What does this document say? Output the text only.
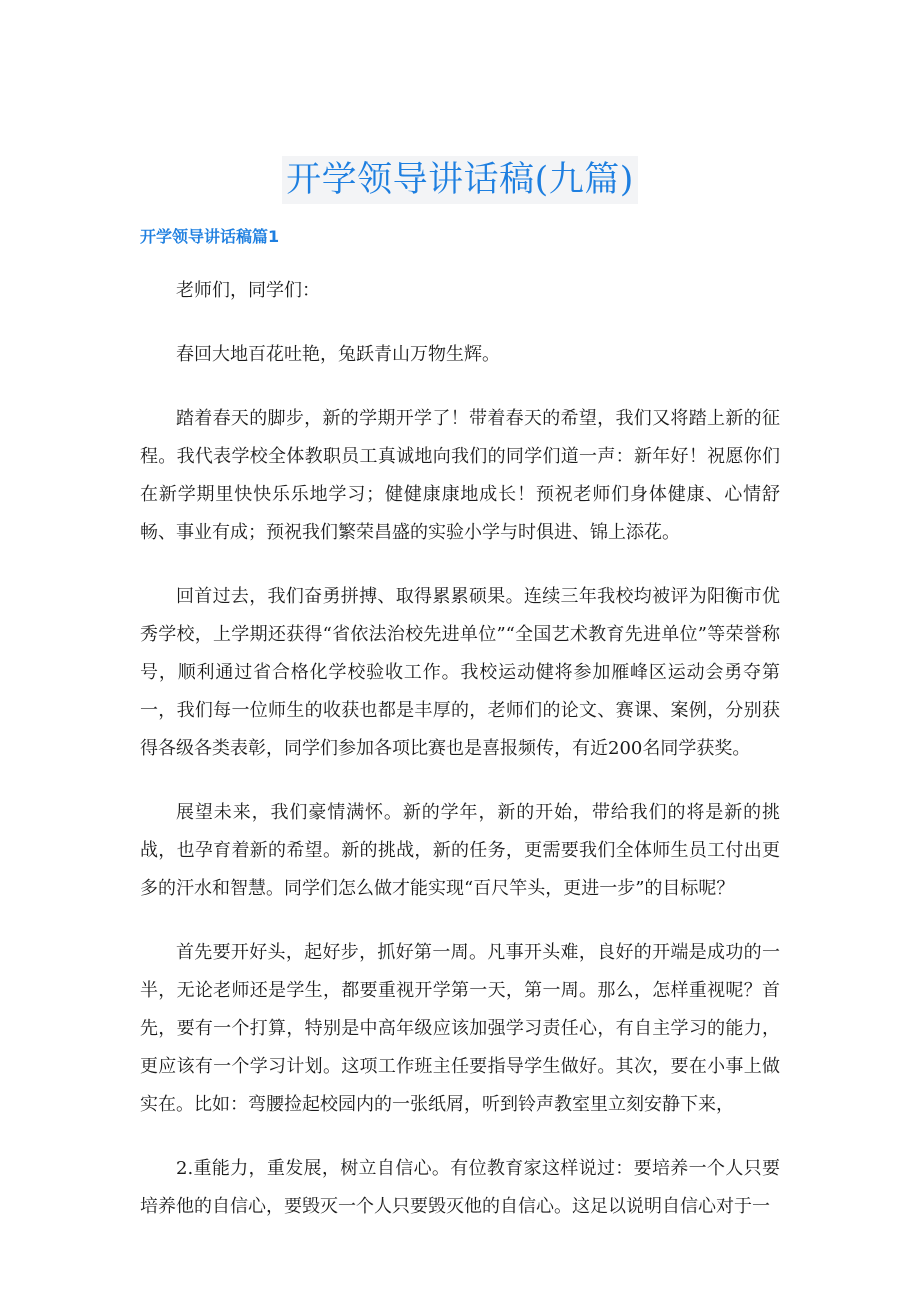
开学领导讲话稿(九篇)
开学领导讲话稿篇1

老师们，同学们：

春回大地百花吐艳，兔跃青山万物生辉。

踏着春天的脚步，新的学期开学了！带着春天的希望，我们又将踏上新的征程。我代表学校全体教职员工真诚地向我们的同学们道一声：新年好！祝愿你们在新学期里快快乐乐地学习；健健康康地成长！预祝老师们身体健康、心情舒畅、事业有成；预祝我们繁荣昌盛的实验小学与时俱进、锦上添花。

回首过去，我们奋勇拼搏、取得累累硕果。连续三年我校均被评为阳衡市优秀学校，上学期还获得“省依法治校先进单位”“全国艺术教育先进单位”等荣誉称号，顺利通过省合格化学校验收工作。我校运动健将参加雁峰区运动会勇夺第一，我们每一位师生的收获也都是丰厚的，老师们的论文、赛课、案例，分别获得各级各类表彰，同学们参加各项比赛也是喜报频传，有近200名同学获奖。

展望未来，我们豪情满怀。新的学年，新的开始，带给我们的将是新的挑战，也孕育着新的希望。新的挑战，新的任务，更需要我们全体师生员工付出更多的汗水和智慧。同学们怎么做才能实现“百尺竿头，更进一步”的目标呢？

首先要开好头，起好步，抓好第一周。凡事开头难，良好的开端是成功的一半，无论老师还是学生，都要重视开学第一天，第一周。那么，怎样重视呢？首先，要有一个打算，特别是中高年级应该加强学习责任心，有自主学习的能力，更应该有一个学习计划。这项工作班主任要指导学生做好。其次，要在小事上做实在。比如：弯腰捡起校园内的一张纸屑，听到铃声教室里立刻安静下来，

2.重能力，重发展，树立自信心。有位教育家这样说过：要培养一个人只要培养他的自信心，要毁灭一个人只要毁灭他的自信心。这足以说明自信心对于一
